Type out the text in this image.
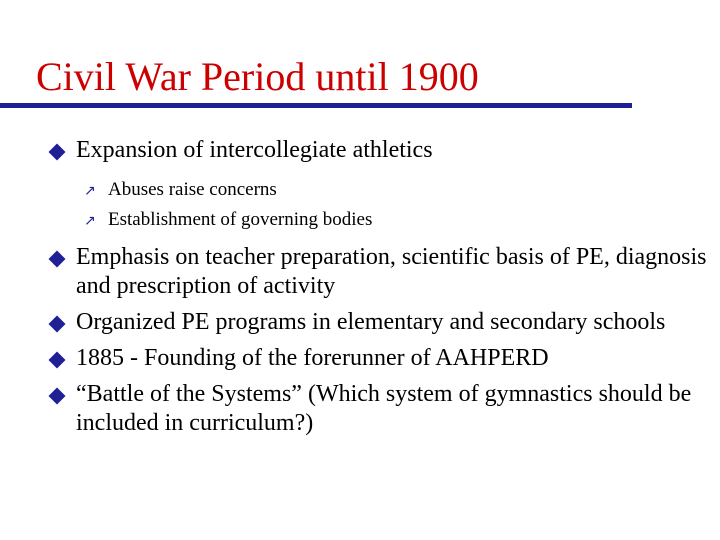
Civil War Period until 1900
Expansion of intercollegiate athletics
↗ Abuses raise concerns
↗ Establishment of governing bodies
Emphasis on teacher preparation, scientific basis of PE, diagnosis and prescription of activity
Organized PE programs in elementary and secondary schools
1885 - Founding of the forerunner of AAHPERD
“Battle of the Systems” (Which system of gymnastics should be included in curriculum?)
